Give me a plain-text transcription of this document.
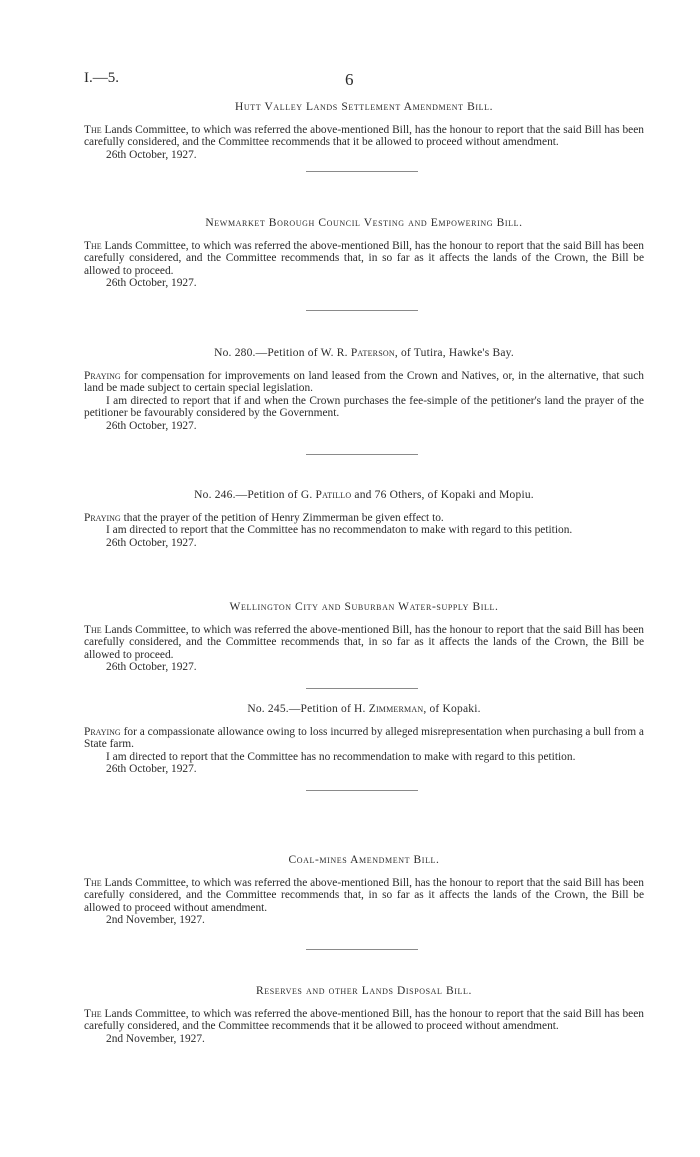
I.—5.	6
Hutt Valley Lands Settlement Amendment Bill.

The Lands Committee, to which was referred the above-mentioned Bill, has the honour to report that the said Bill has been carefully considered, and the Committee recommends that it be allowed to proceed without amendment.

26th October, 1927.

Newmarket Borough Council Vesting and Empowering Bill.

The Lands Committee, to which was referred the above-mentioned Bill, has the honour to report that the said Bill has been carefully considered, and the Committee recommends that, in so far as it affects the lands of the Crown, the Bill be allowed to proceed.

26th October, 1927.

No. 280.—Petition of W. R. Paterson, of Tutira, Hawke's Bay.

Praying for compensation for improvements on land leased from the Crown and Natives, or, in the alternative, that such land be made subject to certain special legislation.

I am directed to report that if and when the Crown purchases the fee-simple of the petitioner's land the prayer of the petitioner be favourably considered by the Government.

26th October, 1927.

No. 246.—Petition of G. Patillo and 76 Others, of Kopaki and Mopiu.

Praying that the prayer of the petition of Henry Zimmerman be given effect to.

I am directed to report that the Committee has no recommendaton to make with regard to this petition.

26th October, 1927.

Wellington City and Suburban Water-supply Bill.

The Lands Committee, to which was referred the above-mentioned Bill, has the honour to report that the said Bill has been carefully considered, and the Committee recommends that, in so far as it affects the lands of the Crown, the Bill be allowed to proceed.

26th October, 1927.

No. 245.—Petition of H. Zimmerman, of Kopaki.

Praying for a compassionate allowance owing to loss incurred by alleged misrepresentation when purchasing a bull from a State farm.

I am directed to report that the Committee has no recommendation to make with regard to this petition.

26th October, 1927.

Coal-mines Amendment Bill.

The Lands Committee, to which was referred the above-mentioned Bill, has the honour to report that the said Bill has been carefully considered, and the Committee recommends that, in so far as it affects the lands of the Crown, the Bill be allowed to proceed without amendment.

2nd November, 1927.

Reserves and other Lands Disposal Bill.

The Lands Committee, to which was referred the above-mentioned Bill, has the honour to report that the said Bill has been carefully considered, and the Committee recommends that it be allowed to proceed without amendment.

2nd November, 1927.
